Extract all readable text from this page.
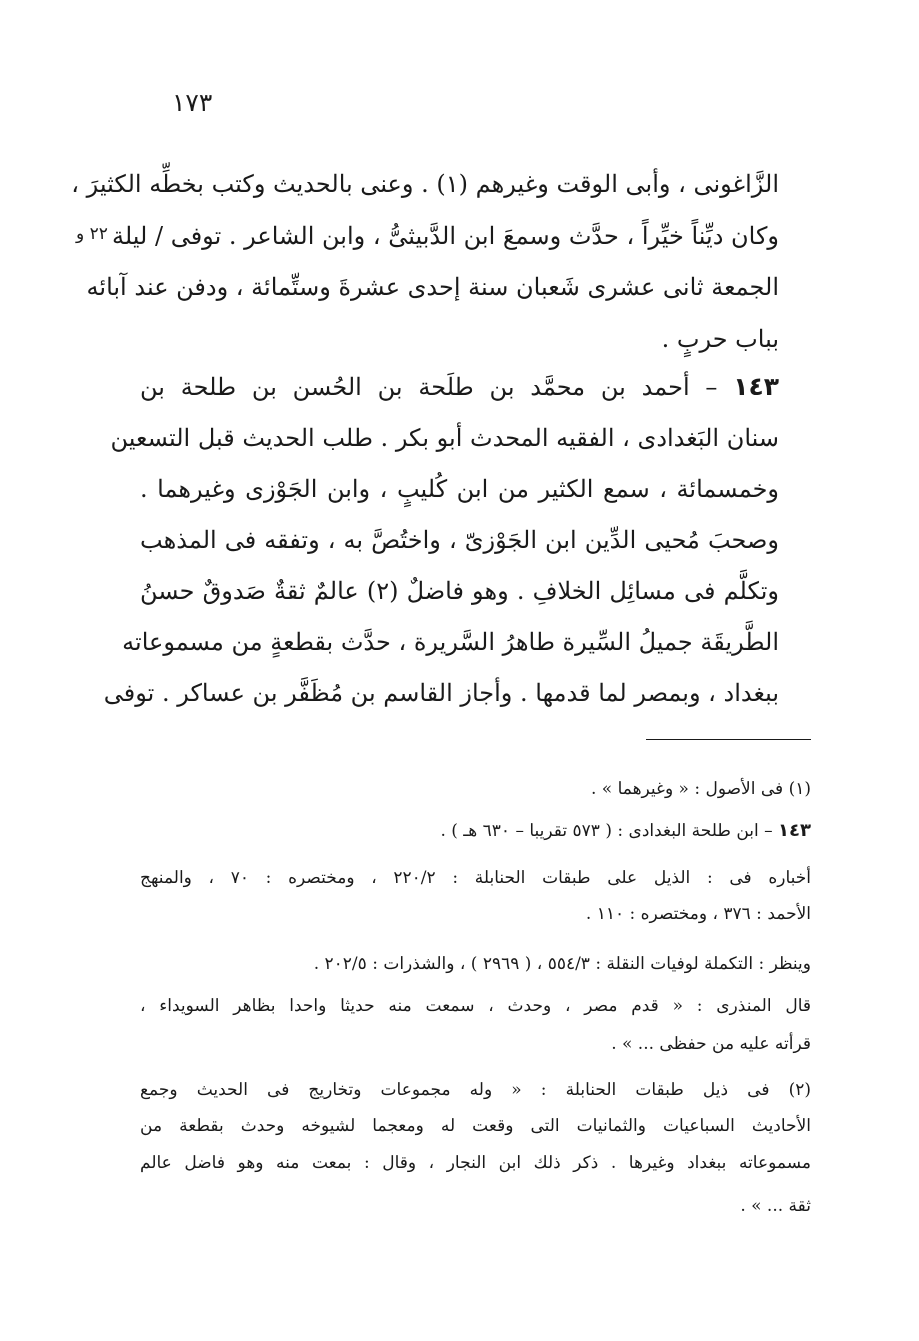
١٧٣
٢٢ و
الزَّاغونى ، وأبى الوقت وغيرهم (١) . وعنى بالحديث وكتب بخطِّه الكثيرَ ،
وكان ديِّناً خيِّراً ، حدَّث وسمعَ ابن الدَّبيثىُّ ، وابن الشاعر . توفى / ليلة
الجمعة ثانى عشرى شَعبان سنة إحدى عشرةَ وستِّمائة ، ودفن عند آبائه
بباب حربٍ .
١٤٣ – أحمد بن محمَّد بن طلَحة بن الحُسن بن طلحة بن
سنان البَغدادى ، الفقيه المحدث أبو بكر . طلب الحديث قبل التسعين
وخمسمائة ، سمع الكثير من ابن كُليبٍ ، وابن الجَوْزى وغيرهما .
وصحبَ مُحيى الدِّين ابن الجَوْزىّ ، واختُصَّ به ، وتفقه فى المذهب
وتكلَّم فى مسائِل الخلافِ . وهو فاضلٌ (٢) عالمٌ ثقةٌ صَدوقٌ حسنُ
الطَّريقَة جميلُ السِّيرة طاهرُ السَّريرة ، حدَّث بقطعةٍ من مسموعاته
ببغداد ، وبمصر لما قدمها . وأجاز القاسم بن مُظَفَّر بن عساكر . توفى
(١) فى الأصول : « وغيرهما » .
١٤٣ – ابن طلحة البغدادى : ( ٥٧٣ تقريبا – ٦٣٠ هـ ) .
أخباره فى : الذيل على طبقات الحنابلة : ٢٢٠/٢ ، ومختصره : ٧٠ ، والمنهج
الأحمد : ٣٧٦ ، ومختصره : ١١٠ .
وينظر : التكملة لوفيات النقلة : ٥٥٤/٣ ، ( ٢٩٦٩ ) ، والشذرات : ٢٠٢/٥ .
قال المنذرى : « قدم مصر ، وحدث ، سمعت منه حديثا واحدا بظاهر السويداء ،
قرأته عليه من حفظى ... » .
(٢) فى ذيل طبقات الحنابلة : « وله مجموعات وتخاريج فى الحديث وجمع
الأحاديث السباعيات والثمانيات التى وقعت له ومعجما لشيوخه وحدث بقطعة من
مسموعاته ببغداد وغيرها . ذكر ذلك ابن النجار ، وقال : بمعت منه وهو فاضل عالم
ثقة ... » .
